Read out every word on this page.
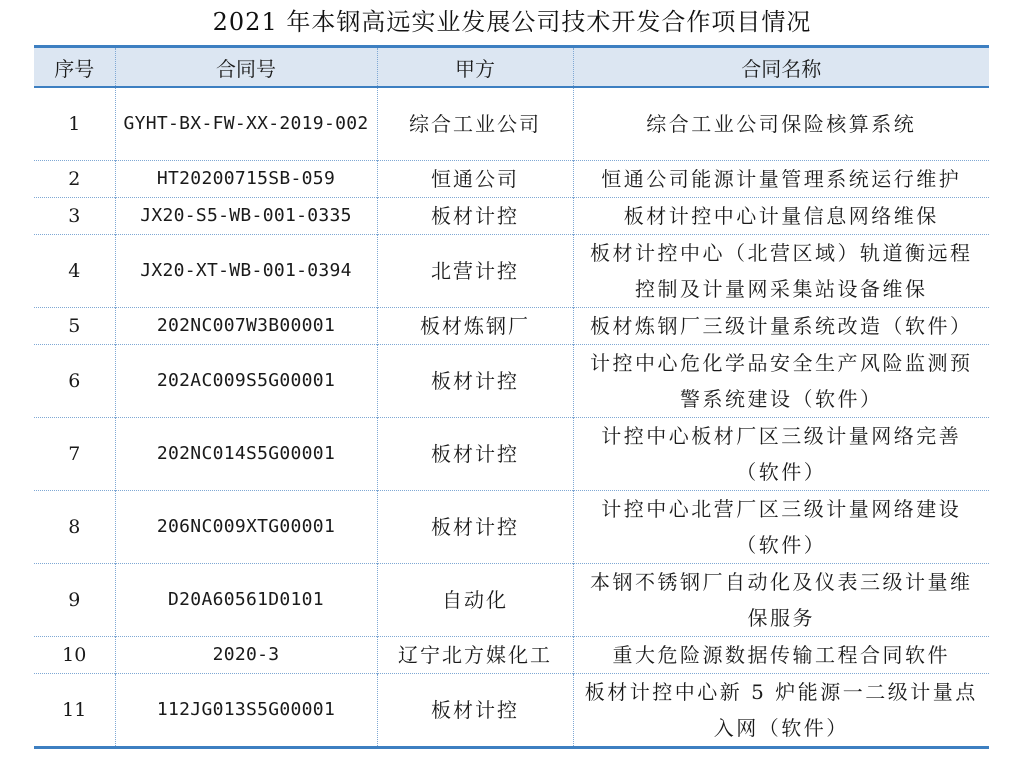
2021 年本钢高远实业发展公司技术开发合作项目情况
序号	合同号	甲方	合同名称
1	GYHT-BX-FW-XX-2019-002	综合工业公司	综合工业公司保险核算系统
2	HT20200715SB-059	恒通公司	恒通公司能源计量管理系统运行维护
3	JX20-S5-WB-001-0335	板材计控	板材计控中心计量信息网络维保
4	JX20-XT-WB-001-0394	北营计控	板材计控中心（北营区域）轨道衡远程控制及计量网采集站设备维保
5	202NC007W3B00001	板材炼钢厂	板材炼钢厂三级计量系统改造（软件）
6	202AC009S5G00001	板材计控	计控中心危化学品安全生产风险监测预警系统建设（软件）
7	202NC014S5G00001	板材计控	计控中心板材厂区三级计量网络完善（软件）
8	206NC009XTG00001	板材计控	计控中心北营厂区三级计量网络建设（软件）
9	D20A60561D0101	自动化	本钢不锈钢厂自动化及仪表三级计量维保服务
10	2020-3	辽宁北方媒化工	重大危险源数据传输工程合同软件
11	112JG013S5G00001	板材计控	板材计控中心新 5 炉能源一二级计量点入网（软件）
